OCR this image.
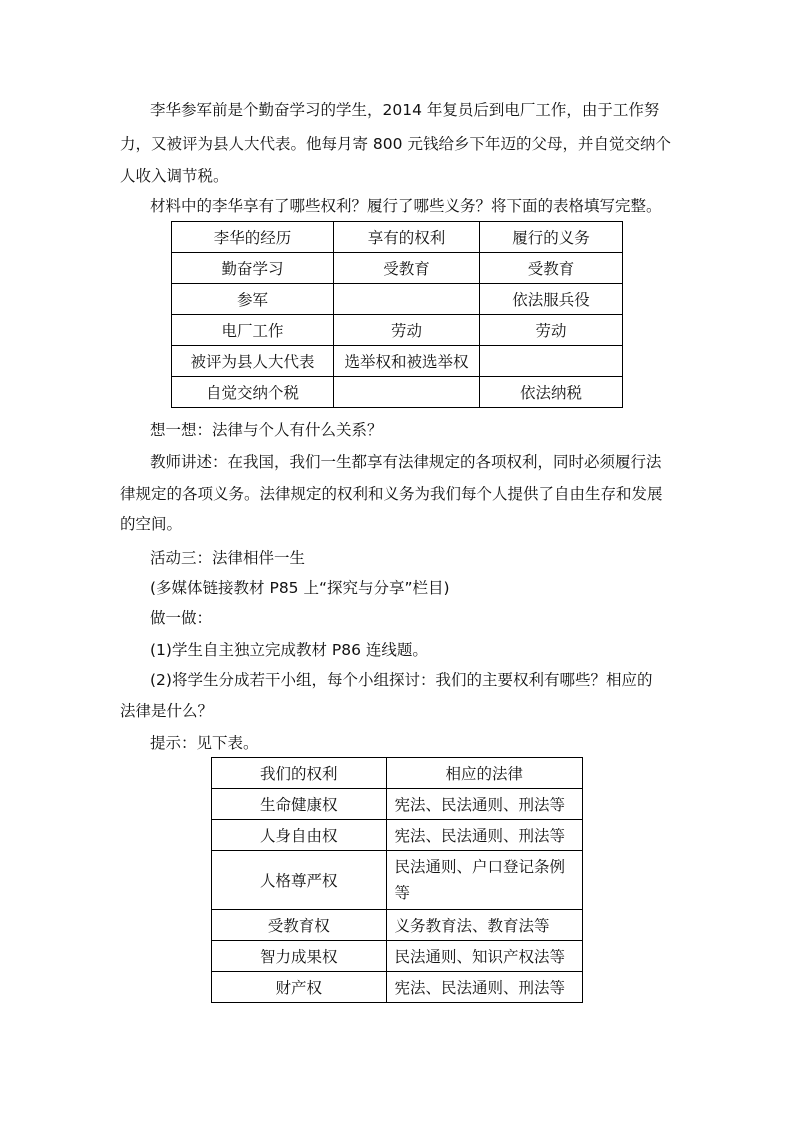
李华参军前是个勤奋学习的学生，2014 年复员后到电厂工作，由于工作努
力，又被评为县人大代表。他每月寄 800 元钱给乡下年迈的父母，并自觉交纳个
人收入调节税。
材料中的李华享有了哪些权利？履行了哪些义务？将下面的表格填写完整。
李华的经历	享有的权利	履行的义务
勤奋学习	受教育	受教育
参军		依法服兵役
电厂工作	劳动	劳动
被评为县人大代表	选举权和被选举权	
自觉交纳个税		依法纳税
想一想：法律与个人有什么关系？
教师讲述：在我国，我们一生都享有法律规定的各项权利，同时必须履行法
律规定的各项义务。法律规定的权利和义务为我们每个人提供了自由生存和发展
的空间。
活动三：法律相伴一生
(多媒体链接教材 P85 上“探究与分享”栏目)
做一做：
(1)学生自主独立完成教材 P86 连线题。
(2)将学生分成若干小组，每个小组探讨：我们的主要权利有哪些？相应的
法律是什么？
提示：见下表。
我们的权利	相应的法律
生命健康权	宪法、民法通则、刑法等
人身自由权	宪法、民法通则、刑法等
人格尊严权	民法通则、户口登记条例等
受教育权	义务教育法、教育法等
智力成果权	民法通则、知识产权法等
财产权	宪法、民法通则、刑法等
